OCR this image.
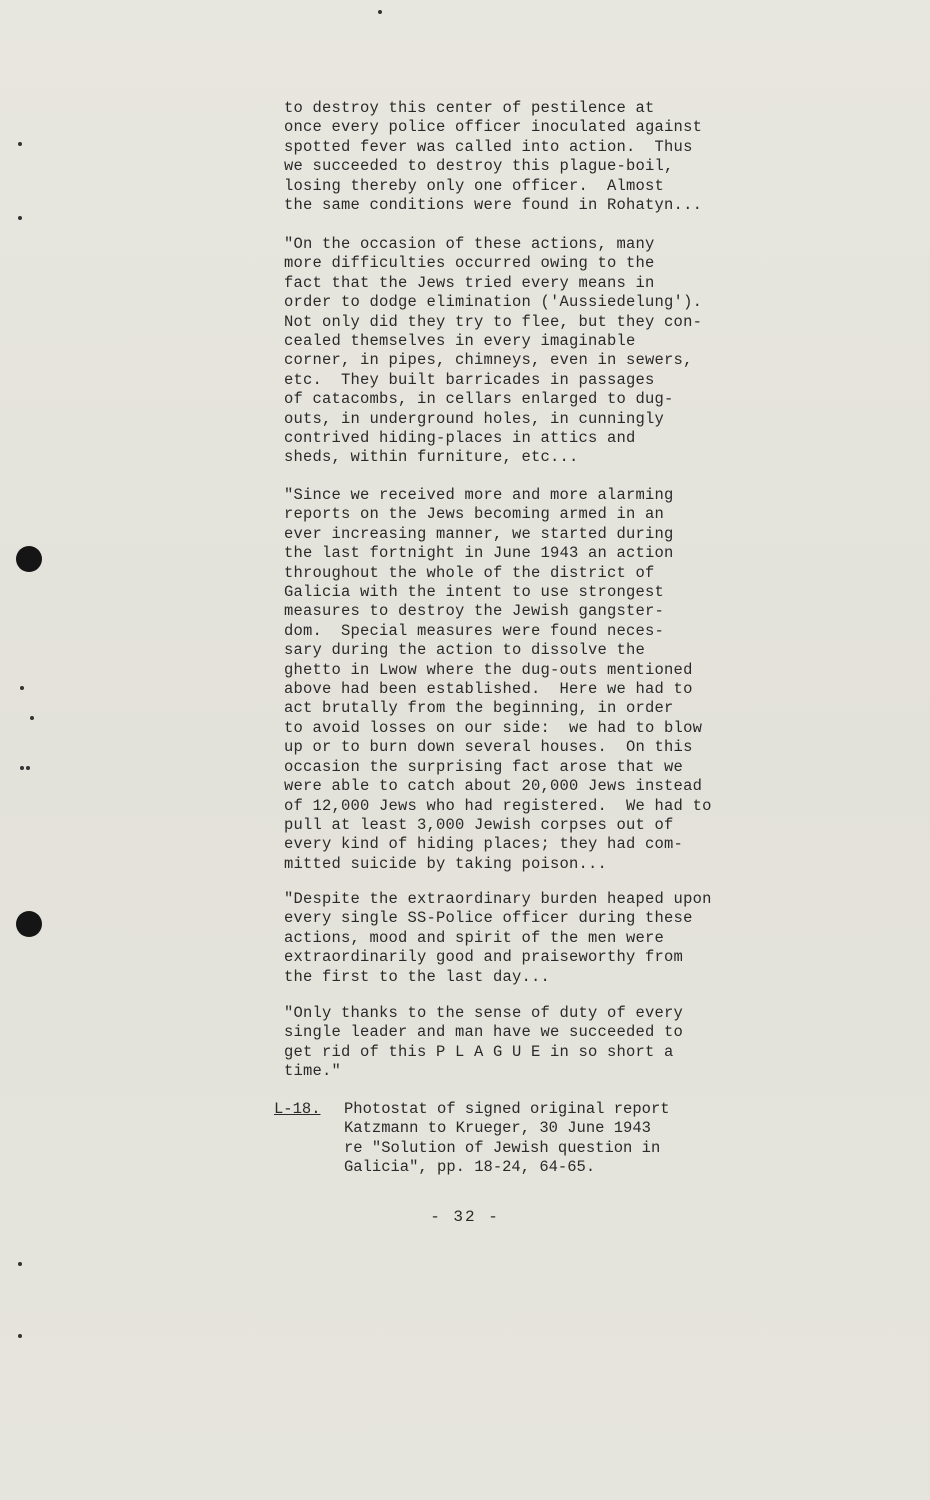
to destroy this center of pestilence at
once every police officer inoculated against
spotted fever was called into action.  Thus
we succeeded to destroy this plague-boil,
losing thereby only one officer.  Almost
the same conditions were found in Rohatyn...

"On the occasion of these actions, many
more difficulties occurred owing to the
fact that the Jews tried every means in
order to dodge elimination ('Aussiedelung').
Not only did they try to flee, but they con-
cealed themselves in every imaginable
corner, in pipes, chimneys, even in sewers,
etc.  They built barricades in passages
of catacombs, in cellars enlarged to dug-
outs, in underground holes, in cunningly
contrived hiding-places in attics and
sheds, within furniture, etc...

"Since we received more and more alarming
reports on the Jews becoming armed in an
ever increasing manner, we started during
the last fortnight in June 1943 an action
throughout the whole of the district of
Galicia with the intent to use strongest
measures to destroy the Jewish gangster-
dom.  Special measures were found neces-
sary during the action to dissolve the
ghetto in Lwow where the dug-outs mentioned
above had been established.  Here we had to
act brutally from the beginning, in order
to avoid losses on our side:  we had to blow
up or to burn down several houses.  On this
occasion the surprising fact arose that we
were able to catch about 20,000 Jews instead
of 12,000 Jews who had registered.  We had to
pull at least 3,000 Jewish corpses out of
every kind of hiding places; they had com-
mitted suicide by taking poison...

"Despite the extraordinary burden heaped upon
every single SS-Police officer during these
actions, mood and spirit of the men were
extraordinarily good and praiseworthy from
the first to the last day...

"Only thanks to the sense of duty of every
single leader and man have we succeeded to
get rid of this P L A G U E in so short a
time."

L-18.	Photostat of signed original report
Katzmann to Krueger, 30 June 1943
re "Solution of Jewish question in
Galicia", pp. 18-24, 64-65.

- 32 -
